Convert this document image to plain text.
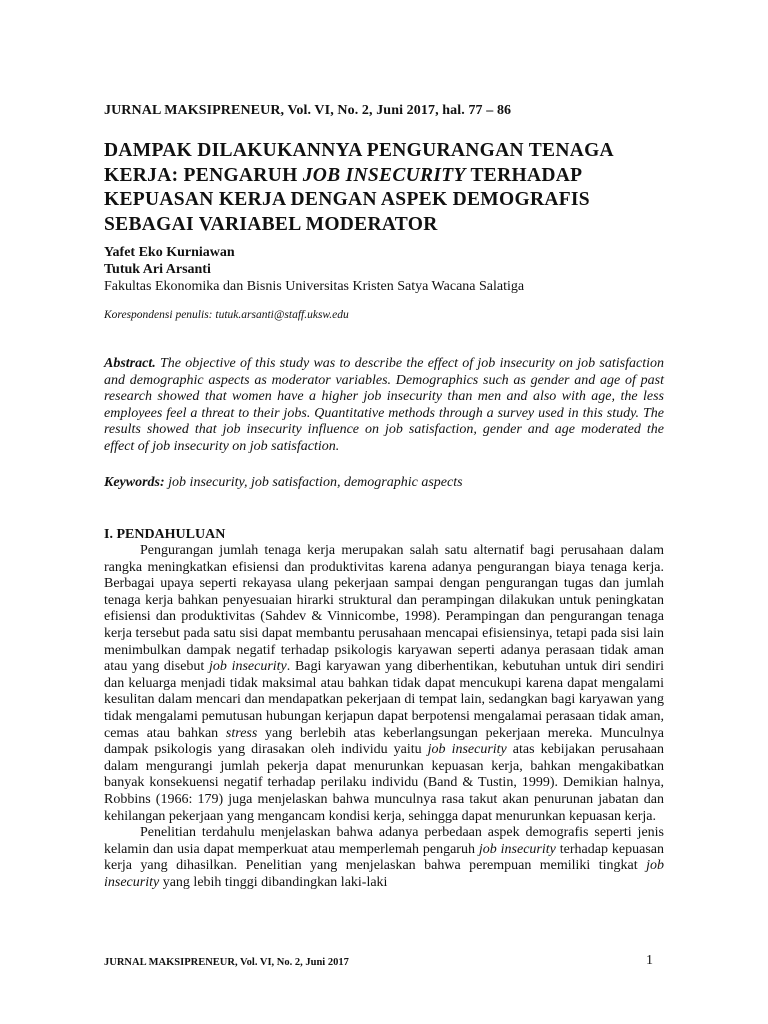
JURNAL MAKSIPRENEUR, Vol. VI, No. 2, Juni 2017, hal. 77 – 86
DAMPAK DILAKUKANNYA PENGURANGAN TENAGA
KERJA: PENGARUH JOB INSECURITY TERHADAP
KEPUASAN KERJA DENGAN ASPEK DEMOGRAFIS
SEBAGAI VARIABEL MODERATOR
Yafet Eko Kurniawan
Tutuk Ari Arsanti
Fakultas Ekonomika dan Bisnis Universitas Kristen Satya Wacana Salatiga
Korespondensi penulis: tutuk.arsanti@staff.uksw.edu
Abstract. The objective of this study was to describe the effect of job insecurity on job satisfaction and demographic aspects as moderator variables. Demographics such as gender and age of past research showed that women have a higher job insecurity than men and also with age, the less employees feel a threat to their jobs. Quantitative methods through a survey used in this study. The results showed that job insecurity influence on job satisfaction, gender and age moderated the effect of job insecurity on job satisfaction.
Keywords: job insecurity, job satisfaction, demographic aspects
I. PENDAHULUAN

Pengurangan jumlah tenaga kerja merupakan salah satu alternatif bagi perusahaan dalam rangka meningkatkan efisiensi dan produktivitas karena adanya pengurangan biaya tenaga kerja. Berbagai upaya seperti rekayasa ulang pekerjaan sampai dengan pengurangan tugas dan jumlah tenaga kerja bahkan penyesuaian hirarki struktural dan perampingan dilakukan untuk peningkatan efisiensi dan produktivitas (Sahdev & Vinnicombe, 1998). Perampingan dan pengurangan tenaga kerja tersebut pada satu sisi dapat membantu perusahaan mencapai efisiensinya, tetapi pada sisi lain menimbulkan dampak negatif terhadap psikologis karyawan seperti adanya perasaan tidak aman atau yang disebut job insecurity. Bagi karyawan yang diberhentikan, kebutuhan untuk diri sendiri dan keluarga menjadi tidak maksimal atau bahkan tidak dapat mencukupi karena dapat mengalami kesulitan dalam mencari dan mendapatkan pekerjaan di tempat lain, sedangkan bagi karyawan yang tidak mengalami pemutusan hubungan kerjapun dapat berpotensi mengalamai perasaan tidak aman, cemas atau bahkan stress yang berlebih atas keberlangsungan pekerjaan mereka. Munculnya dampak psikologis yang dirasakan oleh individu yaitu job insecurity atas kebijakan perusahaan dalam mengurangi jumlah pekerja dapat menurunkan kepuasan kerja, bahkan mengakibatkan banyak konsekuensi negatif terhadap perilaku individu (Band & Tustin, 1999). Demikian halnya, Robbins (1966: 179) juga menjelaskan bahwa munculnya rasa takut akan penurunan jabatan dan kehilangan pekerjaan yang mengancam kondisi kerja, sehingga dapat menurunkan kepuasan kerja.

Penelitian terdahulu menjelaskan bahwa adanya perbedaan aspek demografis seperti jenis kelamin dan usia dapat memperkuat atau memperlemah pengaruh job insecurity terhadap kepuasan kerja yang dihasilkan. Penelitian yang menjelaskan bahwa perempuan memiliki tingkat job insecurity yang lebih tinggi dibandingkan laki-laki

JURNAL MAKSIPRENEUR, Vol. VI, No. 2, Juni 2017	1
